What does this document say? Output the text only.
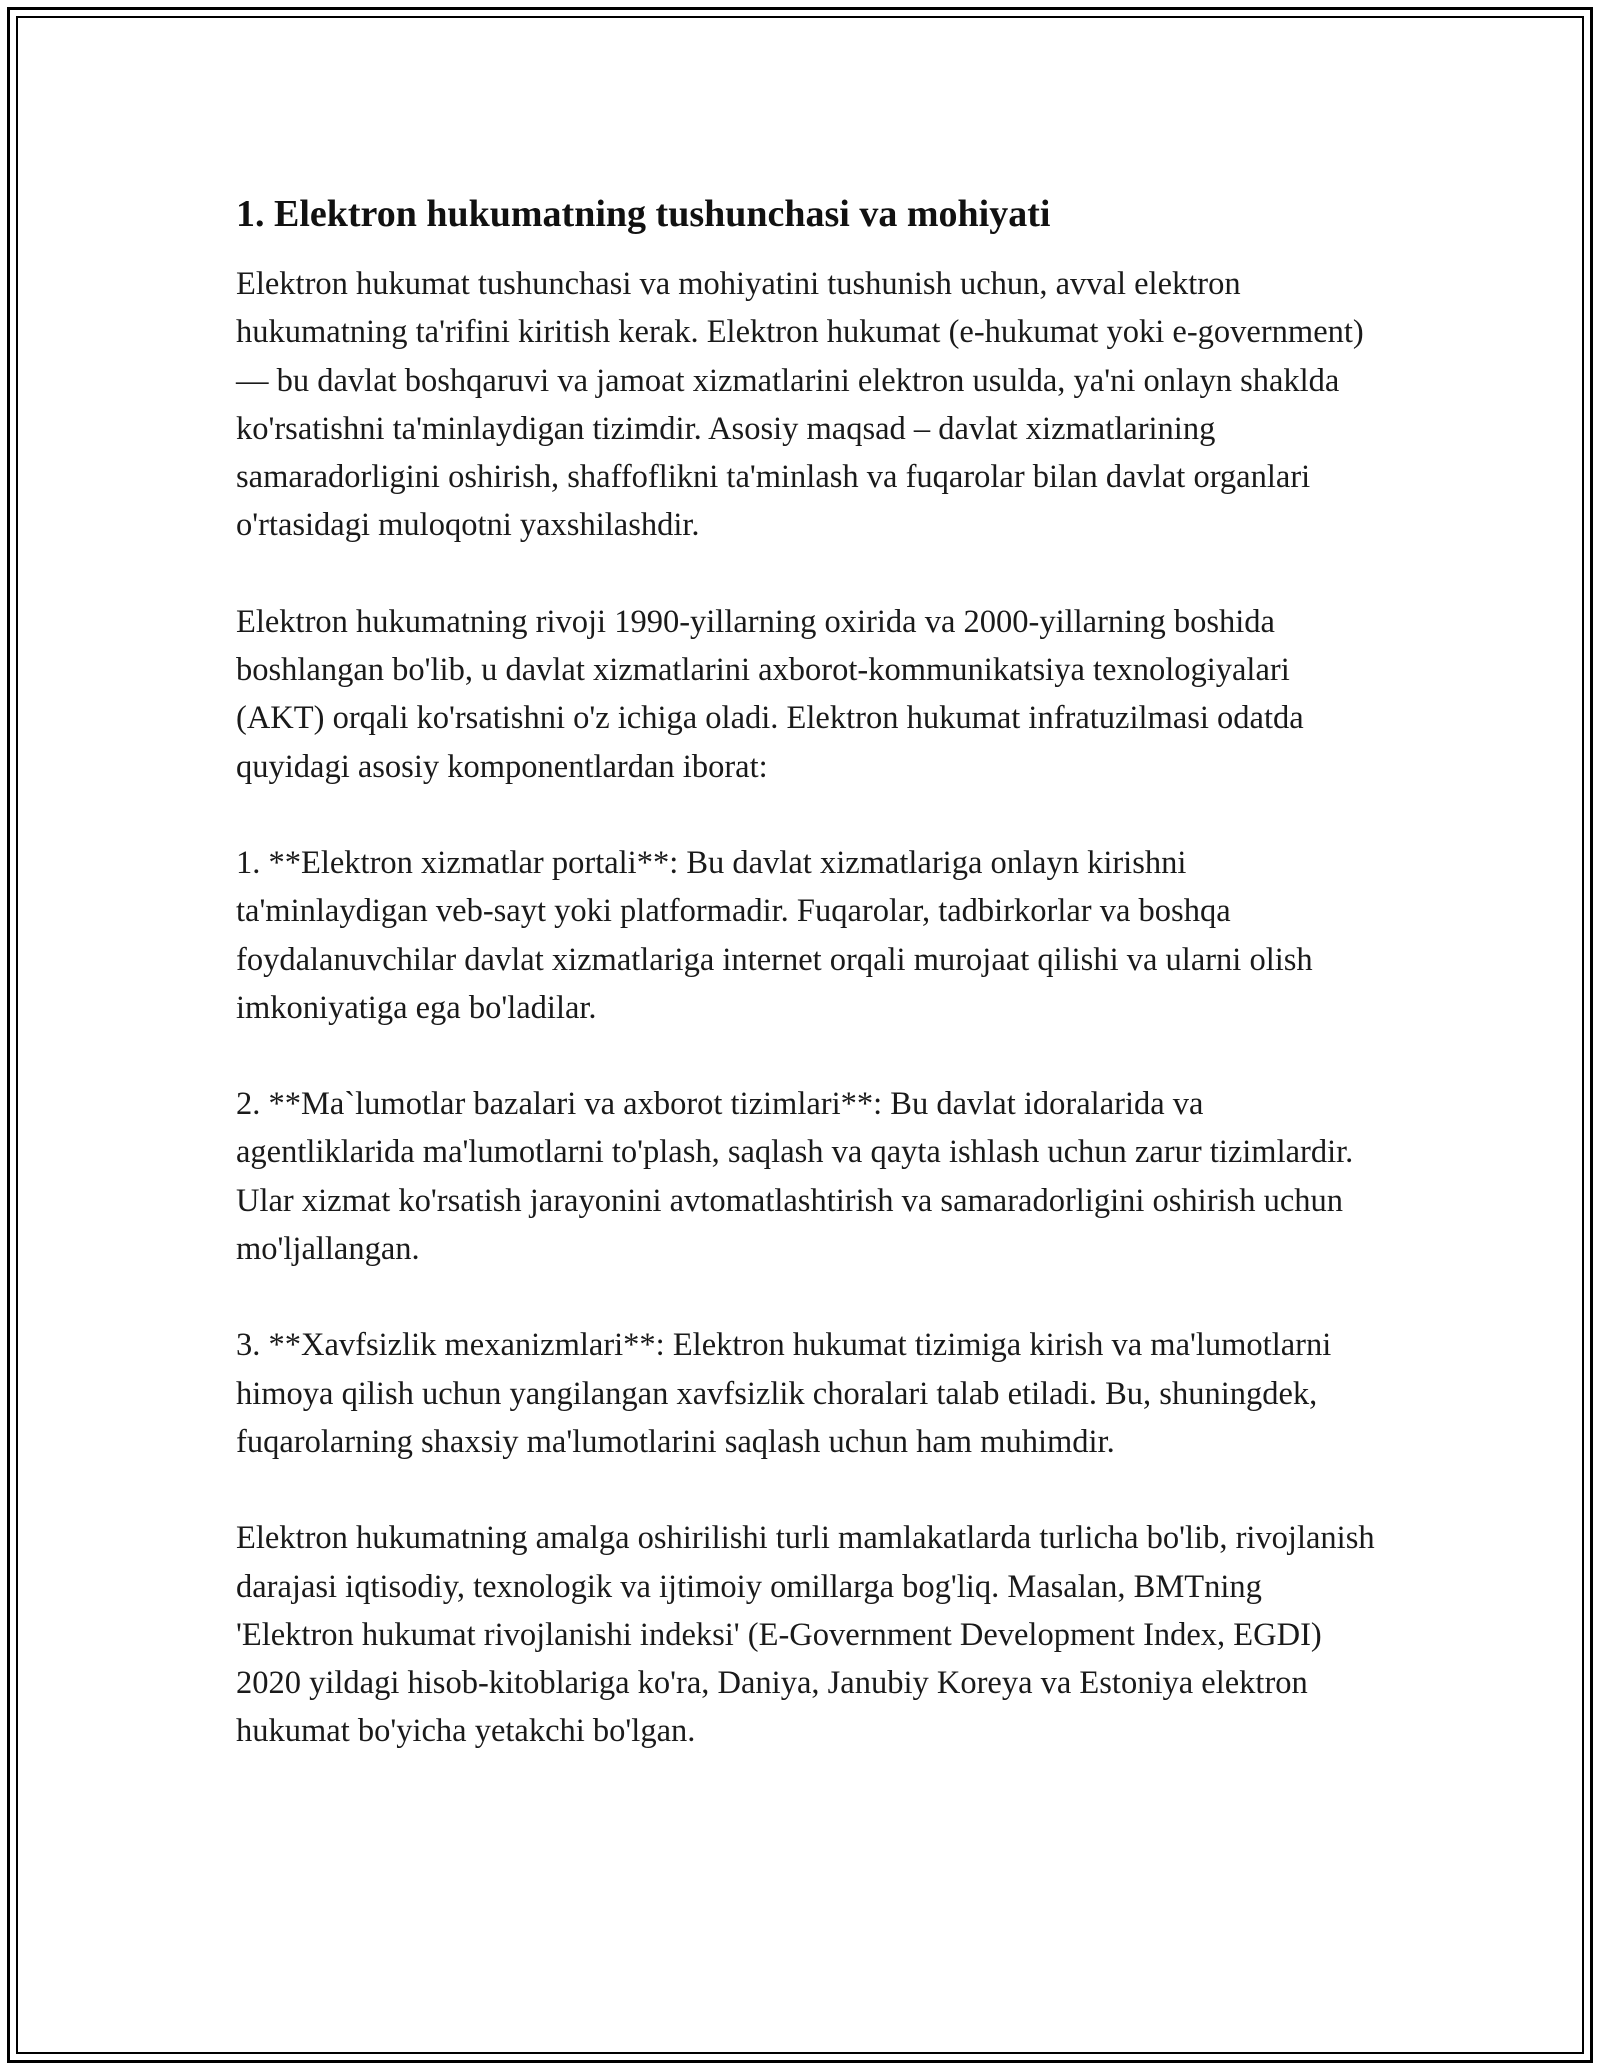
1. Elektron hukumatning tushunchasi va mohiyati

Elektron hukumat tushunchasi va mohiyatini tushunish uchun, avval elektron hukumatning ta'rifini kiritish kerak. Elektron hukumat (e-hukumat yoki e-government) — bu davlat boshqaruvi va jamoat xizmatlarini elektron usulda, ya'ni onlayn shaklda ko'rsatishni ta'minlaydigan tizimdir. Asosiy maqsad – davlat xizmatlarining samaradorligini oshirish, shaffoflikni ta'minlash va fuqarolar bilan davlat organlari o'rtasidagi muloqotni yaxshilashdir.

Elektron hukumatning rivoji 1990-yillarning oxirida va 2000-yillarning boshida boshlangan bo'lib, u davlat xizmatlarini axborot-kommunikatsiya texnologiyalari (AKT) orqali ko'rsatishni o'z ichiga oladi. Elektron hukumat infratuzilmasi odatda quyidagi asosiy komponentlardan iborat:

1. **Elektron xizmatlar portali**: Bu davlat xizmatlariga onlayn kirishni ta'minlaydigan veb-sayt yoki platformadir. Fuqarolar, tadbirkorlar va boshqa foydalanuvchilar davlat xizmatlariga internet orqali murojaat qilishi va ularni olish imkoniyatiga ega bo'ladilar.

2. **Ma`lumotlar bazalari va axborot tizimlari**: Bu davlat idoralarida va agentliklarida ma'lumotlarni to'plash, saqlash va qayta ishlash uchun zarur tizimlardir. Ular xizmat ko'rsatish jarayonini avtomatlashtirish va samaradorligini oshirish uchun mo'ljallangan.

3. **Xavfsizlik mexanizmlari**: Elektron hukumat tizimiga kirish va ma'lumotlarni himoya qilish uchun yangilangan xavfsizlik choralari talab etiladi. Bu, shuningdek, fuqarolarning shaxsiy ma'lumotlarini saqlash uchun ham muhimdir.

Elektron hukumatning amalga oshirilishi turli mamlakatlarda turlicha bo'lib, rivojlanish darajasi iqtisodiy, texnologik va ijtimoiy omillarga bog'liq. Masalan, BMTning 'Elektron hukumat rivojlanishi indeksi' (E-Government Development Index, EGDI) 2020 yildagi hisob-kitoblariga ko'ra, Daniya, Janubiy Koreya va Estoniya elektron hukumat bo'yicha yetakchi bo'lgan.
